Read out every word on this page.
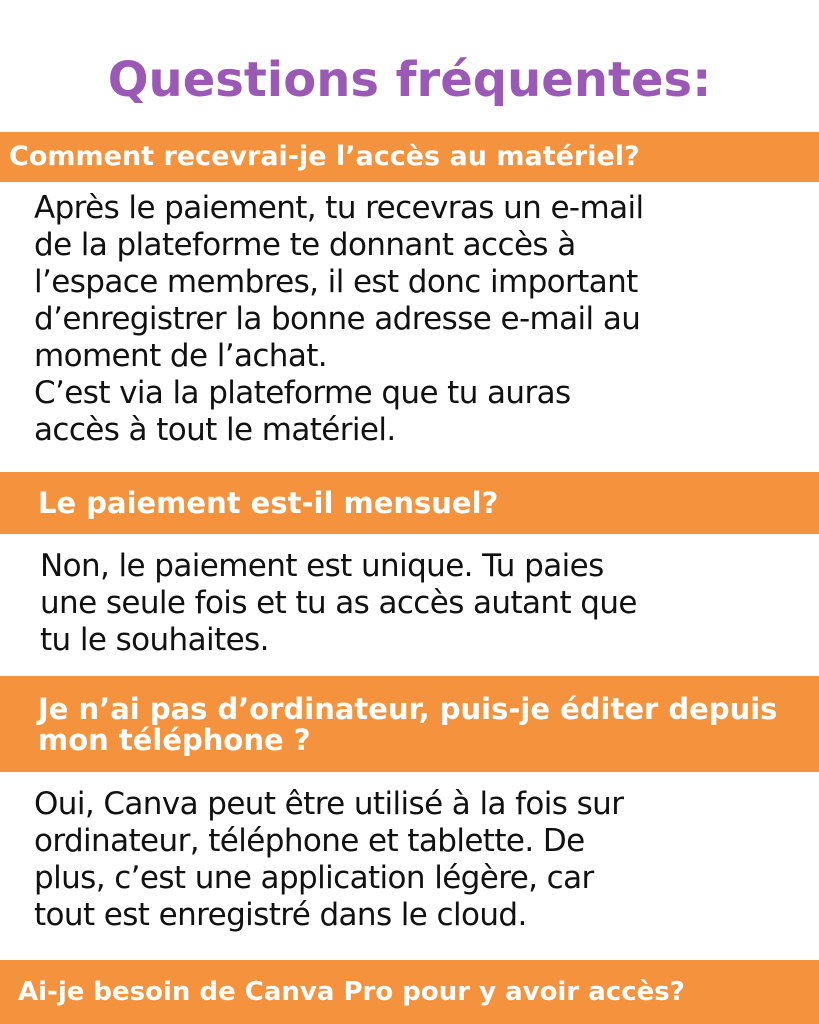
Questions fréquentes:
Comment recevrai-je l’accès au matériel?

Après le paiement, tu recevras un e-mail
de la plateforme te donnant accès à
l’espace membres, il est donc important
d’enregistrer la bonne adresse e-mail au
moment de l’achat.
C’est via la plateforme que tu auras
accès à tout le matériel.

Le paiement est-il mensuel?

Non, le paiement est unique. Tu paies
une seule fois et tu as accès autant que
tu le souhaites.

Je n’ai pas d’ordinateur, puis-je éditer depuis mon téléphone ?

Oui, Canva peut être utilisé à la fois sur
ordinateur, téléphone et tablette. De
plus, c’est une application légère, car
tout est enregistré dans le cloud.

Ai-je besoin de Canva Pro pour y avoir accès?
